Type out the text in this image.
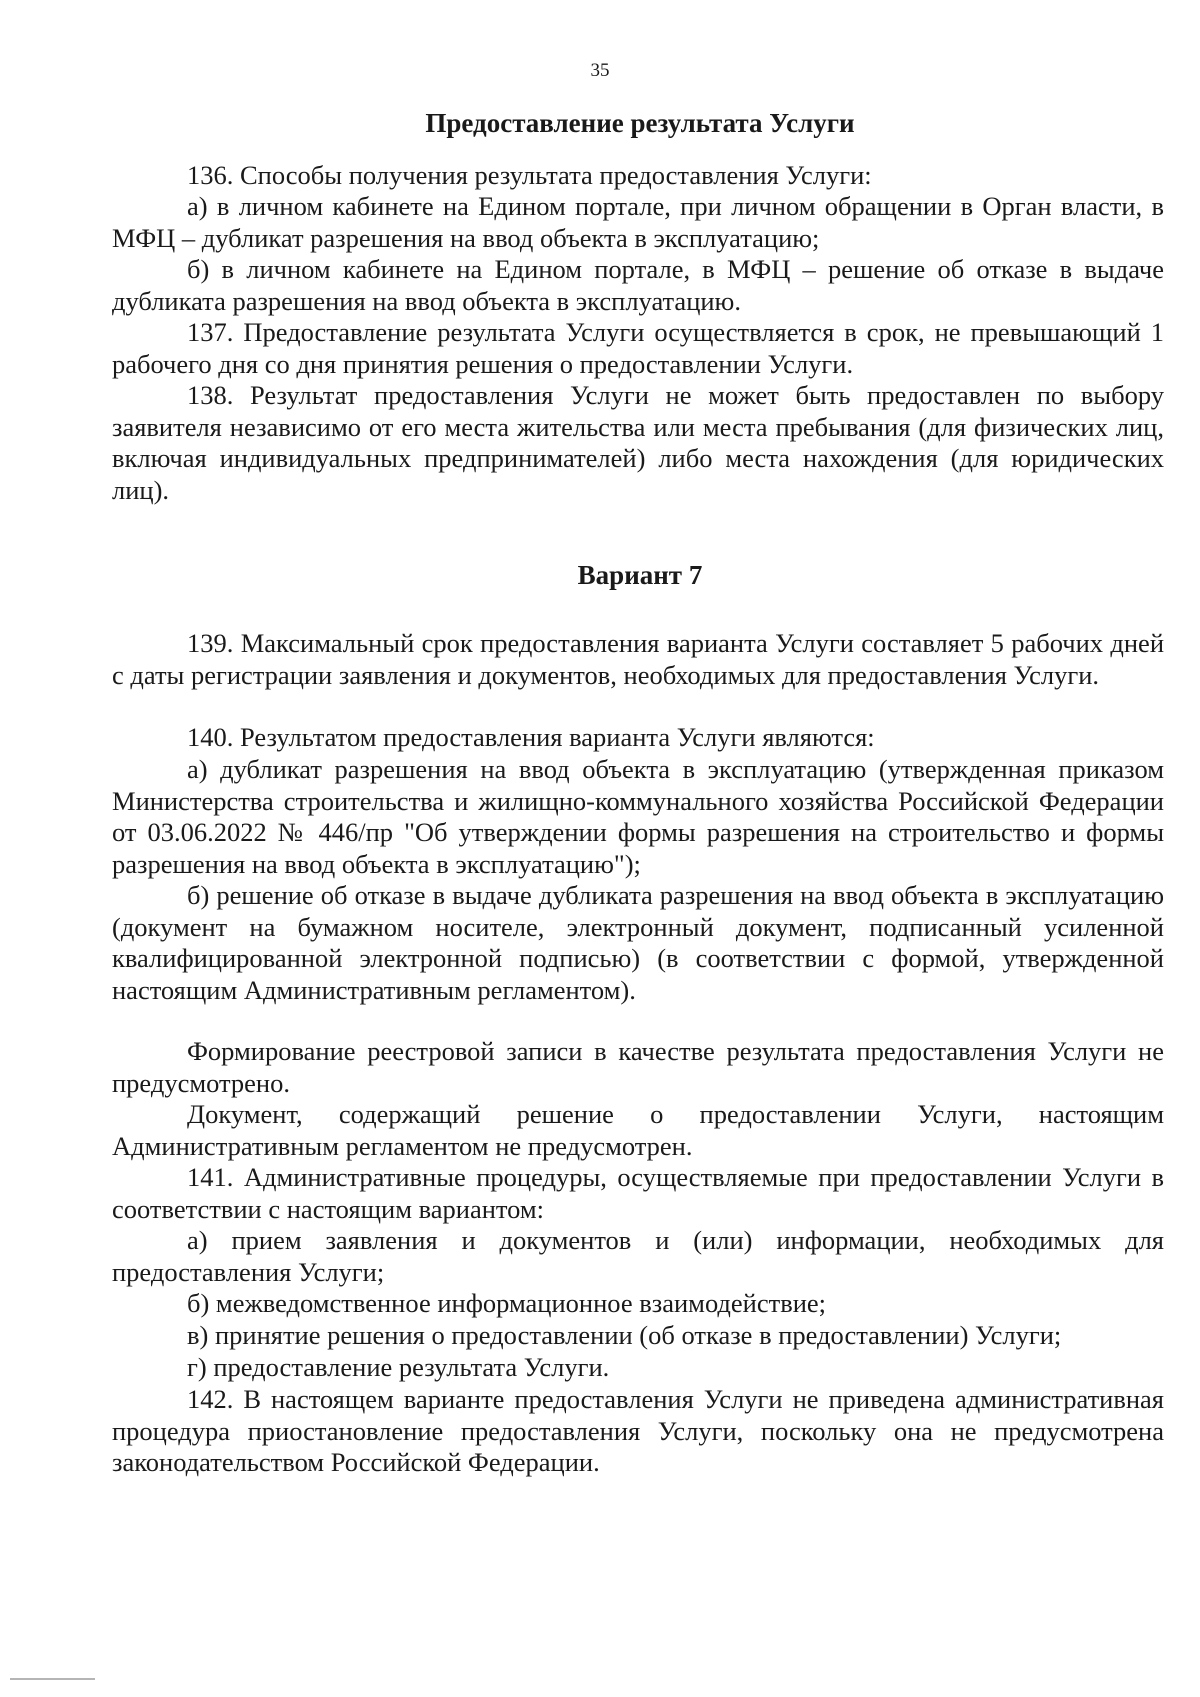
35
Предоставление результата Услуги

136. Способы получения результата предоставления Услуги:

а) в личном кабинете на Едином портале, при личном обращении в Орган власти, в МФЦ – дубликат разрешения на ввод объекта в эксплуатацию;

б) в личном кабинете на Едином портале, в МФЦ – решение об отказе в выдаче дубликата разрешения на ввод объекта в эксплуатацию.

137. Предоставление результата Услуги осуществляется в срок, не превышающий 1 рабочего дня со дня принятия решения о предоставлении Услуги.

138. Результат предоставления Услуги не может быть предоставлен по выбору заявителя независимо от его места жительства или места пребывания (для физических лиц, включая индивидуальных предпринимателей) либо места нахождения (для юридических лиц).

Вариант 7

139. Максимальный срок предоставления варианта Услуги составляет 5 рабочих дней с даты регистрации заявления и документов, необходимых для предоставления Услуги.

140. Результатом предоставления варианта Услуги являются:

а) дубликат разрешения на ввод объекта в эксплуатацию (утвержденная приказом Министерства строительства и жилищно-коммунального хозяйства Российской Федерации от 03.06.2022 № 446/пр "Об утверждении формы разрешения на строительство и формы разрешения на ввод объекта в эксплуатацию");

б) решение об отказе в выдаче дубликата разрешения на ввод объекта в эксплуатацию (документ на бумажном носителе, электронный документ, подписанный усиленной квалифицированной электронной подписью) (в соответствии с формой, утвержденной настоящим Административным регламентом).

Формирование реестровой записи в качестве результата предоставления Услуги не предусмотрено.

Документ, содержащий решение о предоставлении Услуги, настоящим Административным регламентом не предусмотрен.

141. Административные процедуры, осуществляемые при предоставлении Услуги в соответствии с настоящим вариантом:

а) прием заявления и документов и (или) информации, необходимых для предоставления Услуги;

б) межведомственное информационное взаимодействие;

в) принятие решения о предоставлении (об отказе в предоставлении) Услуги;

г) предоставление результата Услуги.

142. В настоящем варианте предоставления Услуги не приведена административная процедура приостановление предоставления Услуги, поскольку она не предусмотрена законодательством Российской Федерации.
